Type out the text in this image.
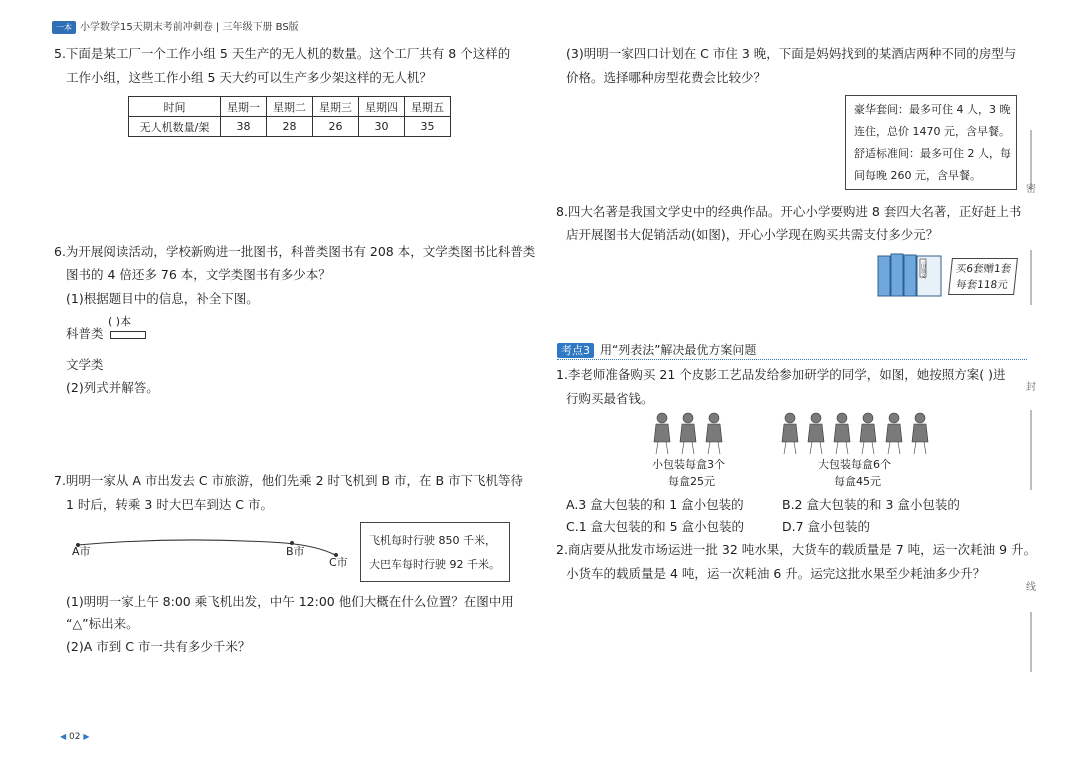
一本 小学数学15天期末考前冲刺卷 | 三年级下册 BS版
5.下面是某工厂一个工作小组 5 天生产的无人机的数量。这个工厂共有 8 个这样的
工作小组，这些工作小组 5 天大约可以生产多少架这样的无人机？
时间	星期一	星期二	星期三	星期四	星期五
无人机数量/架	38	28	26	30	35
6.为开展阅读活动，学校新购进一批图书，科普类图书有 208 本，文学类图书比科普类
图书的 4 倍还多 76 本，文学类图书有多少本？
(1)根据题目中的信息，补全下图。
( )本
科普类
文学类
(2)列式并解答。
7.明明一家从 A 市出发去 C 市旅游，他们先乘 2 时飞机到 B 市，在 B 市下飞机等待
1 时后，转乘 3 时大巴车到达 C 市。
A市	B市
C市
飞机每时行驶 850 千米，
大巴车每时行驶 92 千米。
(1)明明一家上午 8:00 乘飞机出发，中午 12:00 他们大概在什么位置？在图中用
“△”标出来。
(2)A 市到 C 市一共有多少千米？
(3)明明一家四口计划在 C 市住 3 晚，下面是妈妈找到的某酒店两种不同的房型与
价格。选择哪种房型花费会比较少？
豪华套间：最多可住 4 人，3 晚
连住，总价 1470 元，含早餐。
舒适标准间：最多可住 2 人，每
间每晚 260 元，含早餐。
8.四大名著是我国文学史中的经典作品。开心小学要购进 8 套四大名著，正好赶上书
店开展图书大促销活动(如图)，开心小学现在购买共需支付多少元？
三国演义
买6套赠1套
每套118元
考点3 用“列表法”解决最优方案问题
1.李老师准备购买 21 个皮影工艺品发给参加研学的同学，如图，她按照方案( )进
行购买最省钱。
小包装每盒3个
每盒25元
大包装每盒6个
每盒45元
A.3 盒大包装的和 1 盒小包装的	B.2 盒大包装的和 3 盒小包装的
C.1 盒大包装的和 5 盒小包装的	D.7 盒小包装的
2.商店要从批发市场运进一批 32 吨水果，大货车的载质量是 7 吨，运一次耗油 9 升。
小货车的载质量是 4 吨，运一次耗油 6 升。运完这批水果至少耗油多少升？
密
封
线
◀ 02 ▶
